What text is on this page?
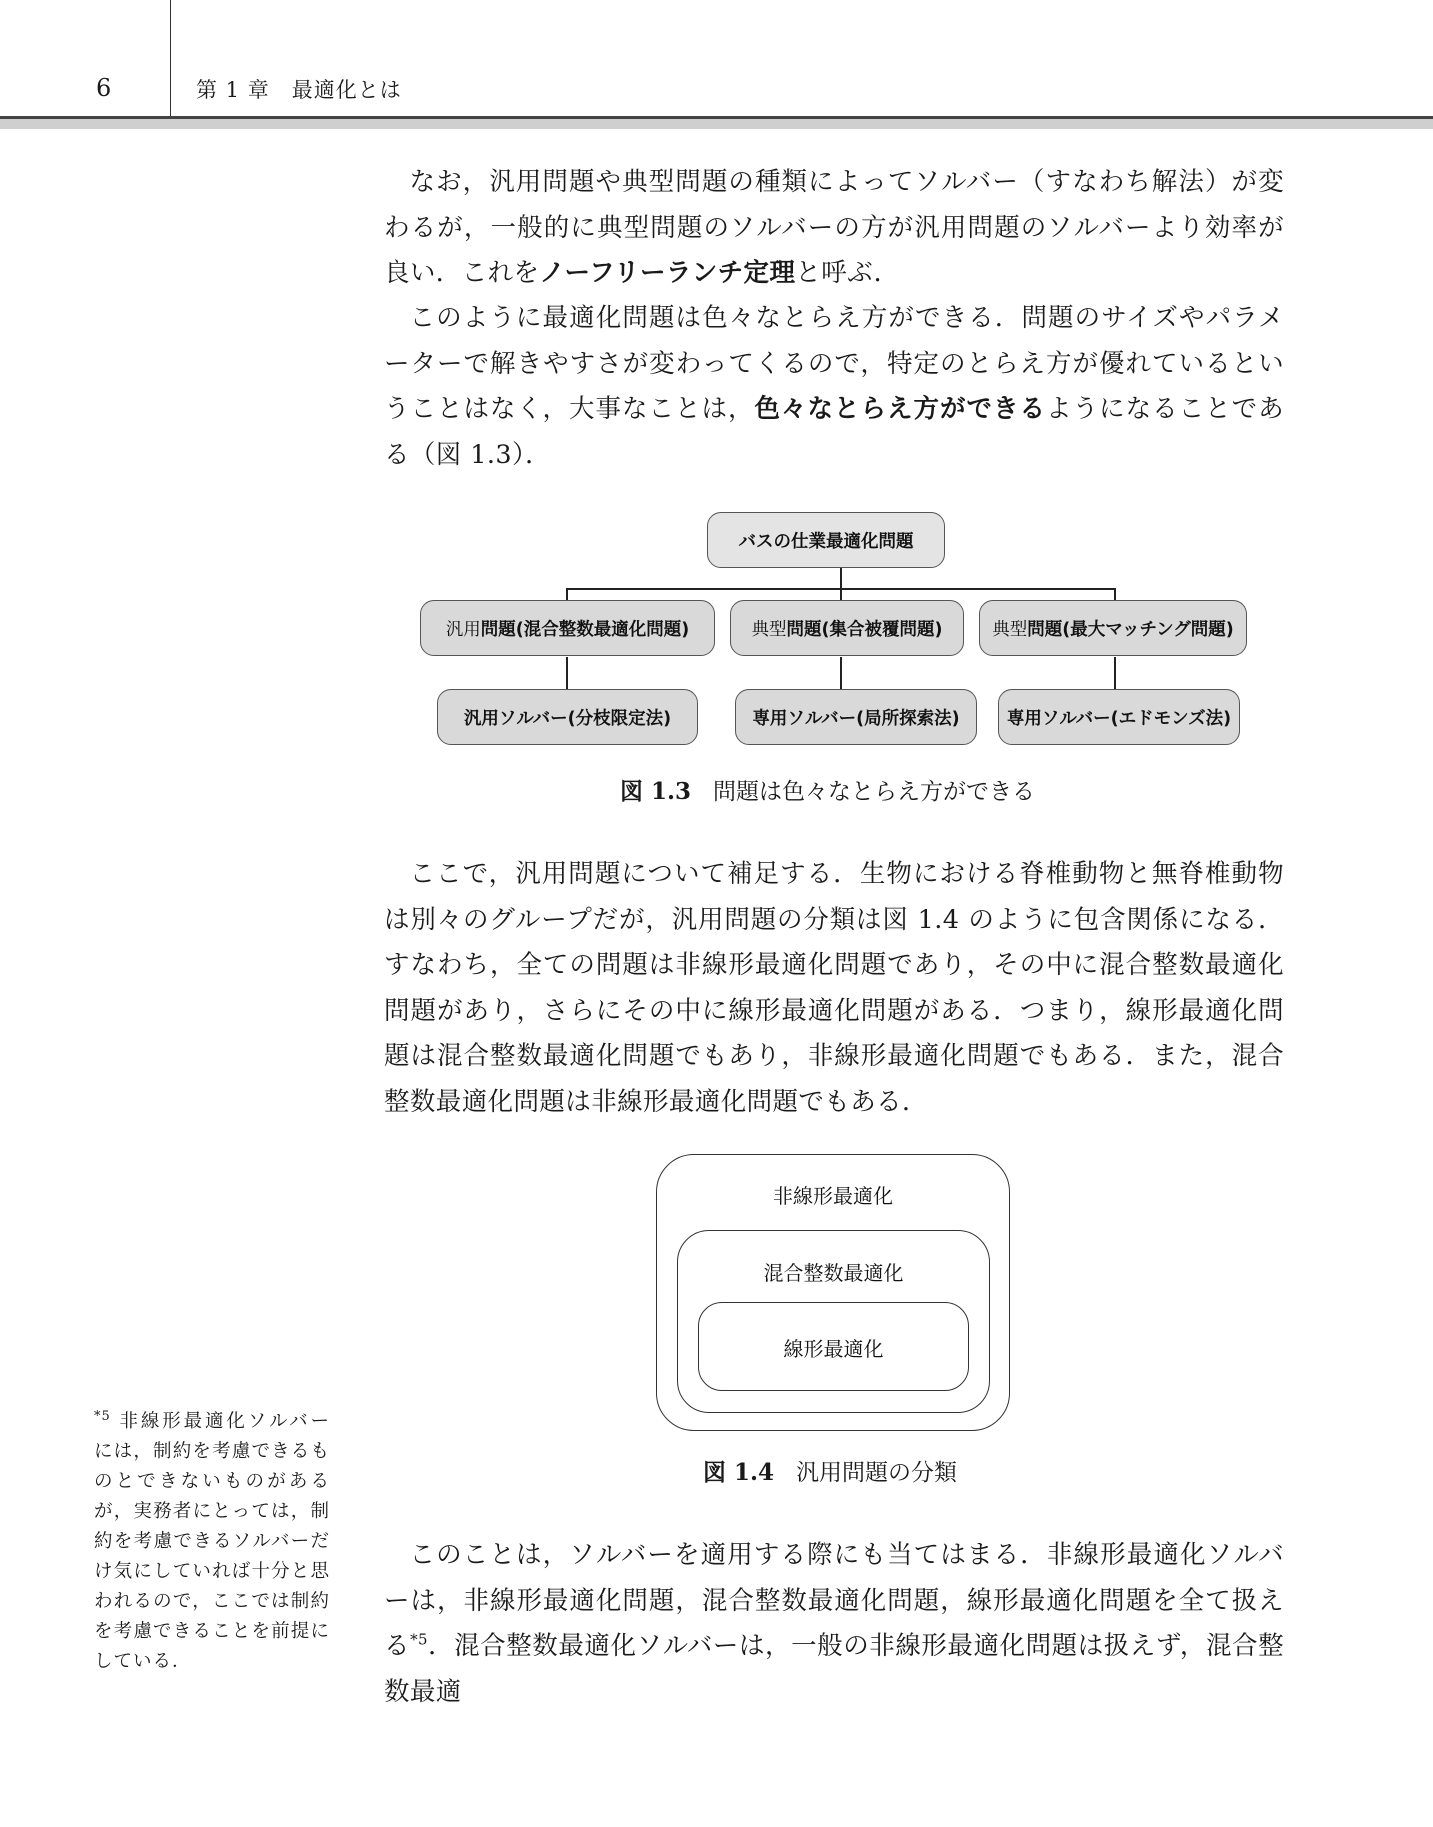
6	第 1 章　最適化とは

なお，汎用問題や典型問題の種類によってソルバー（すなわち解法）が変わるが，一般的に典型問題のソルバーの方が汎用問題のソルバーより効率が良い．これをノーフリーランチ定理と呼ぶ．

このように最適化問題は色々なとらえ方ができる．問題のサイズやパラメーターで解きやすさが変わってくるので，特定のとらえ方が優れているということはなく，大事なことは，色々なとらえ方ができるようになることである（図 1.3）．

バスの仕業最適化問題
汎用 問題(混合整数最適化問題)	典型 問題(集合被覆問題)	典型 問題(最大マッチング問題)
汎用ソルバー(分枝限定法)	専用ソルバー(局所探索法)	専用ソルバー(エドモンズ法)
図 1.3 問題は色々なとらえ方ができる

ここで，汎用問題について補足する．生物における脊椎動物と無脊椎動物は別々のグループだが，汎用問題の分類は図 1.4 のように包含関係になる．すなわち，全ての問題は非線形最適化問題であり，その中に混合整数最適化問題があり，さらにその中に線形最適化問題がある．つまり，線形最適化問題は混合整数最適化問題でもあり，非線形最適化問題でもある．また，混合整数最適化問題は非線形最適化問題でもある．

非線形最適化
混合整数最適化
線形最適化
図 1.4 汎用問題の分類

このことは，ソルバーを適用する際にも当てはまる．非線形最適化ソルバーは，非線形最適化問題，混合整数最適化問題，線形最適化問題を全て扱える$^{*5}$．混合整数最適化ソルバーは，一般の非線形最適化問題は扱えず，混合整数最適

$^{*5}$ 非線形最適化ソルバーには，制約を考慮できるものとできないものがあるが，実務者にとっては，制約を考慮できるソルバーだけ気にしていれば十分と思われるので，ここでは制約を考慮できることを前提にしている．
